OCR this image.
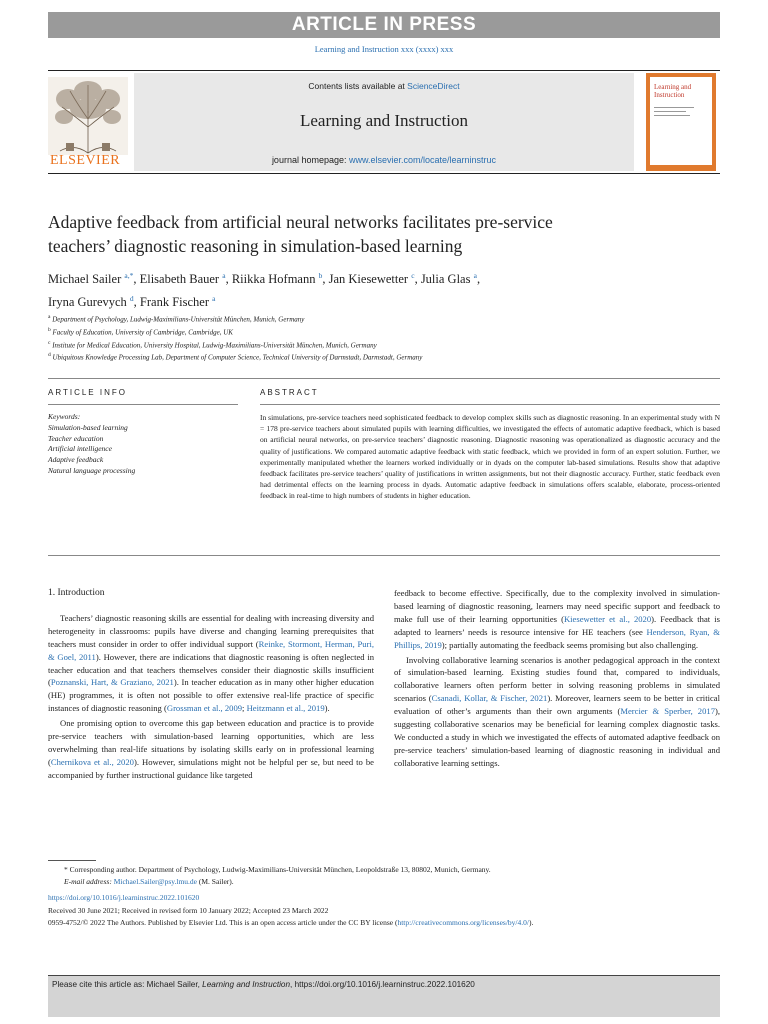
ARTICLE IN PRESS
Learning and Instruction xxx (xxxx) xxx
ELSEVIER
Contents lists available at ScienceDirect
Learning and Instruction
journal homepage: www.elsevier.com/locate/learninstruc
Learning and Instruction
Adaptive feedback from artificial neural networks facilitates pre-service
teachers’ diagnostic reasoning in simulation-based learning
Michael Sailer $^{a,*}$, Elisabeth Bauer $^a$, Riikka Hofmann $^b$, Jan Kiesewetter $^c$, Julia Glas $^a$,
Iryna Gurevych $^d$, Frank Fischer $^a$
$^a$ Department of Psychology, Ludwig-Maximilians-Universität München, Munich, Germany
$^b$ Faculty of Education, University of Cambridge, Cambridge, UK
$^c$ Institute for Medical Education, University Hospital, Ludwig-Maximilians-Universität München, Munich, Germany
$^d$ Ubiquitous Knowledge Processing Lab, Department of Computer Science, Technical University of Darmstadt, Darmstadt, Germany
ARTICLE INFO	ABSTRACT
Keywords:
Simulation-based learning
Teacher education
Artificial intelligence
Adaptive feedback
Natural language processing
In simulations, pre-service teachers need sophisticated feedback to develop complex skills such as diagnostic reasoning. In an experimental study with N = 178 pre-service teachers about simulated pupils with learning difficulties, we investigated the effects of automatic adaptive feedback, which is based on artificial neural networks, on pre-service teachers’ diagnostic reasoning. Diagnostic reasoning was operationalized as diagnostic accuracy and the quality of justifications. We compared automatic adaptive feedback with static feedback, which we provided in form of an expert solution. Further, we experimentally manipulated whether the learners worked individually or in dyads on the computer lab-based simulations. Results show that adaptive feedback facilitates pre-service teachers’ quality of justifications in written assignments, but not their diagnostic accuracy. Further, static feedback even had detrimental effects on the learning process in dyads. Automatic adaptive feedback in simulations offers scalable, elaborate, process-oriented feedback in real-time to high numbers of students in higher education.
1. Introduction

Teachers’ diagnostic reasoning skills are essential for dealing with increasing diversity and heterogeneity in classrooms: pupils have diverse and changing learning prerequisites that teachers must consider in order to offer individual support (Reinke, Stormont, Herman, Puri, & Goel, 2011). However, there are indications that diagnostic reasoning is often neglected in teacher education and that teachers themselves consider their diagnostic skills insufficient (Poznanski, Hart, & Graziano, 2021). In teacher education as in many other higher education (HE) programmes, it is often not possible to offer extensive real-life practice of specific instances of diagnostic reasoning (Grossman et al., 2009; Heitzmann et al., 2019).

One promising option to overcome this gap between education and practice is to provide pre-service teachers with simulation-based learning opportunities, which are less overwhelming than real-life situations by isolating skills early on in professional learning (Chernikova et al., 2020). However, simulations might not be helpful per se, but need to be accompanied by further instructional guidance like targeted

feedback to become effective. Specifically, due to the complexity involved in simulation-based learning of diagnostic reasoning, learners may need specific support and feedback to make full use of their learning opportunities (Kiesewetter et al., 2020). Feedback that is adapted to learners’ needs is resource intensive for HE teachers (see Henderson, Ryan, & Phillips, 2019); partially automating the feedback seems promising but also challenging.

Involving collaborative learning scenarios is another pedagogical approach in the context of simulation-based learning. Existing studies found that, compared to individuals, collaborative learners often perform better in solving reasoning problems in simulated scenarios (Csanadi, Kollar, & Fischer, 2021). Moreover, learners seem to be better in critical evaluation of other’s arguments than their own arguments (Mercier & Sperber, 2017), suggesting collaborative scenarios may be beneficial for learning complex diagnostic tasks. We conducted a study in which we investigated the effects of automated adaptive feedback on pre-service teachers’ simulation-based learning of diagnostic reasoning in individual and collaborative learning settings.

* Corresponding author. Department of Psychology, Ludwig-Maximilians-Universität München, Leopoldstraße 13, 80802, Munich, Germany.
E-mail address: Michael.Sailer@psy.lmu.de (M. Sailer).
https://doi.org/10.1016/j.learninstruc.2022.101620
Received 30 June 2021; Received in revised form 10 January 2022; Accepted 23 March 2022
0959-4752/© 2022 The Authors. Published by Elsevier Ltd. This is an open access article under the CC BY license (http://creativecommons.org/licenses/by/4.0/).
Please cite this article as: Michael Sailer, Learning and Instruction, https://doi.org/10.1016/j.learninstruc.2022.101620
